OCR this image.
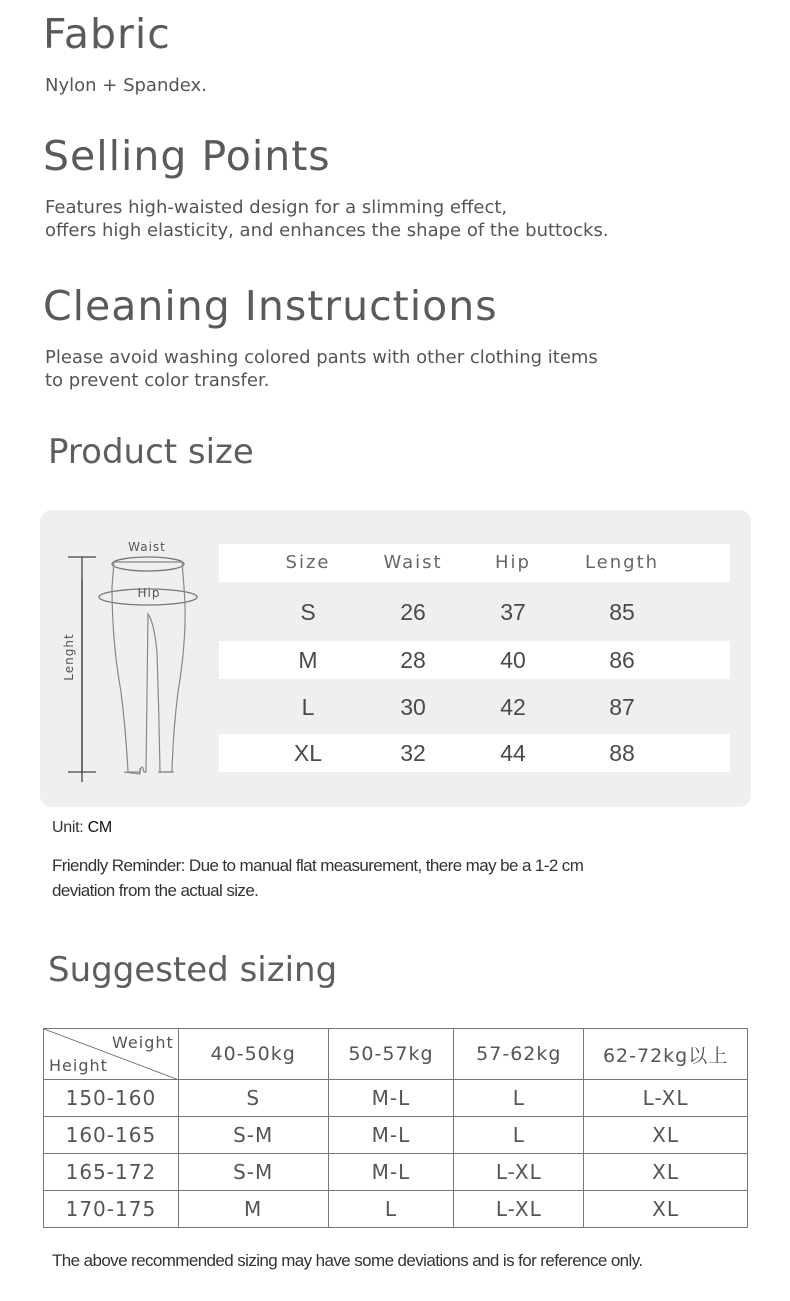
Fabric
Nylon + Spandex.
Selling Points
Features high-waisted design for a slimming effect,
offers high elasticity, and enhances the shape of the buttocks.
Cleaning Instructions
Please avoid washing colored pants with other clothing items
to prevent color transfer.
Product size
Waist
Hip
Lenght
Size	Waist	Hip	Length
S	26	37	85
M	28	40	86
L	30	42	87
XL	32	44	88
Unit: CM
Friendly Reminder: Due to manual flat measurement, there may be a 1-2 cm
deviation from the actual size.
Suggested sizing
Weight
Height	40-50kg	50-57kg	57-62kg	62-72kg以上
150-160	S	M-L	L	L-XL
160-165	S-M	M-L	L	XL
165-172	S-M	M-L	L-XL	XL
170-175	M	L	L-XL	XL
The above recommended sizing may have some deviations and is for reference only.
